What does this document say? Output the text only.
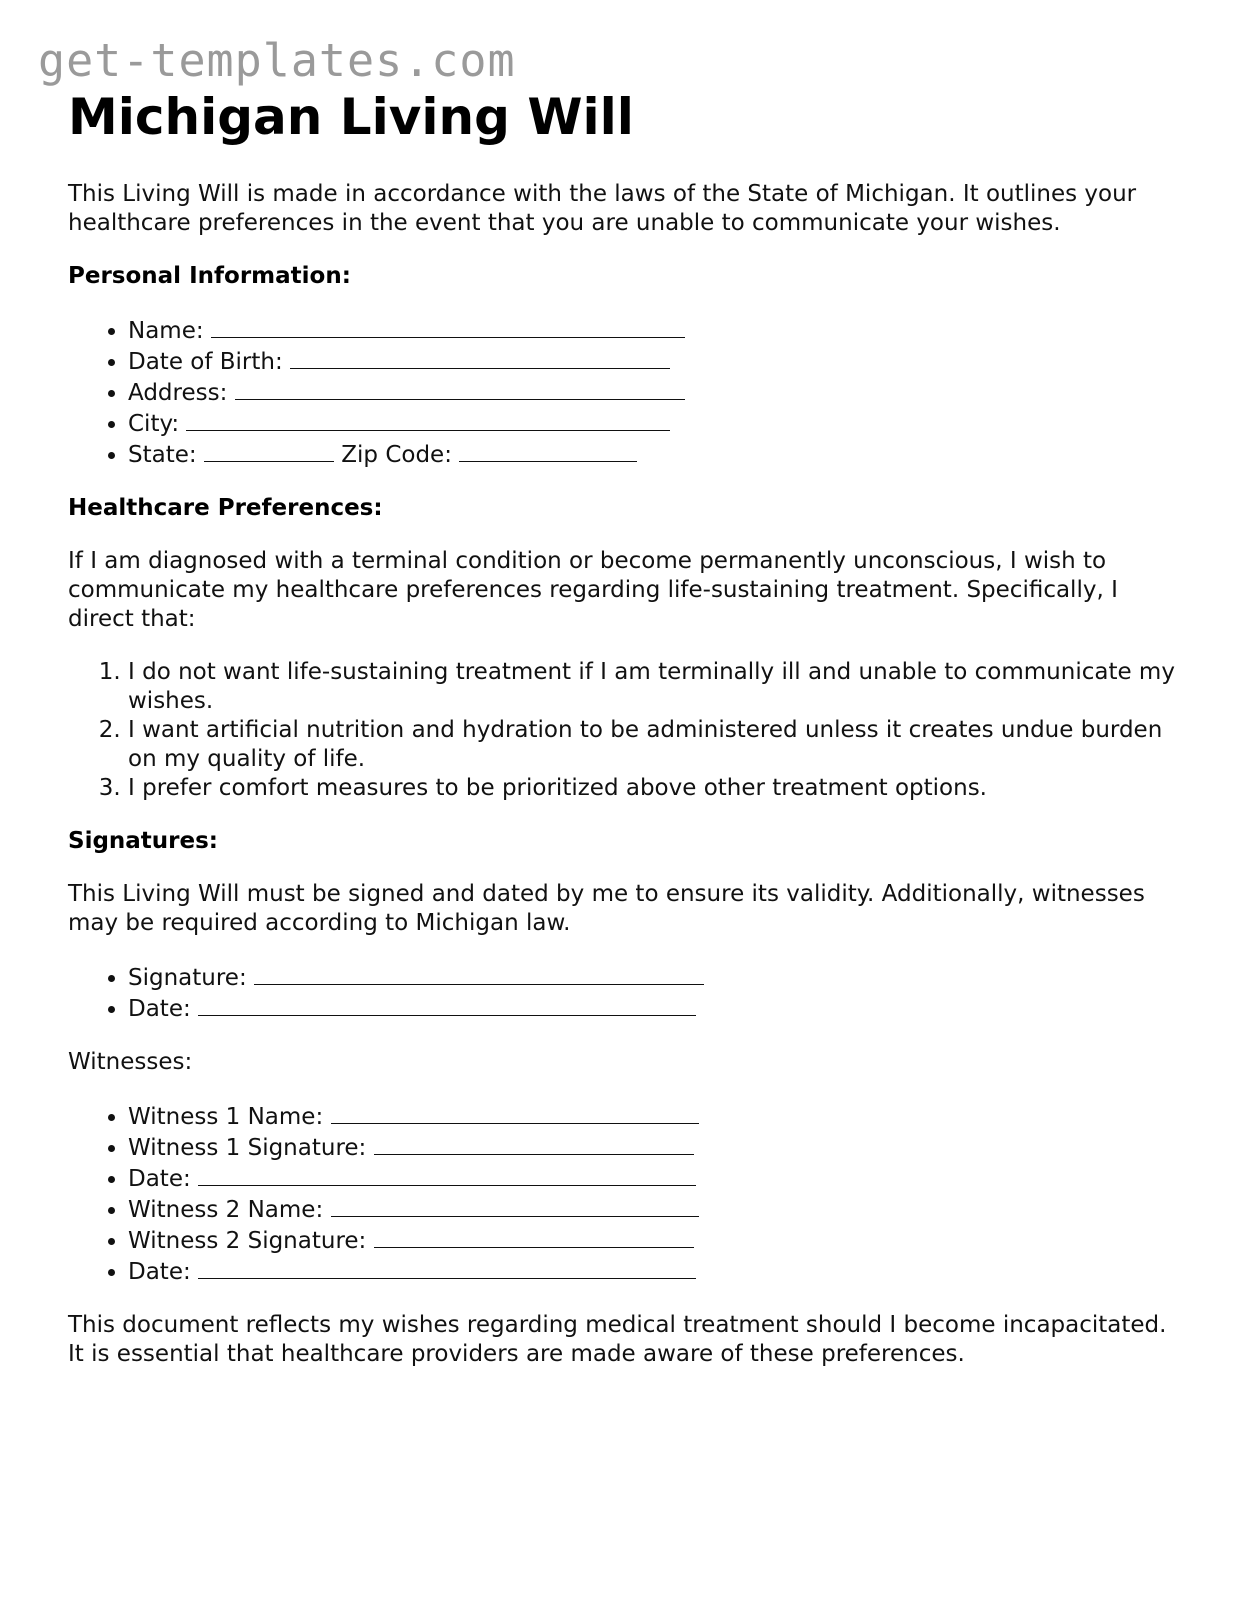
get-templates.com
Michigan Living Will

This Living Will is made in accordance with the laws of the State of Michigan. It outlines your healthcare preferences in the event that you are unable to communicate your wishes.

Personal Information:
• Name:
• Date of Birth:
• Address:
• City:
• State:	Zip Code:
Healthcare Preferences:

If I am diagnosed with a terminal condition or become permanently unconscious, I wish to communicate my healthcare preferences regarding life-sustaining treatment. Specifically, I direct that:

1. I do not want life-sustaining treatment if I am terminally ill and unable to communicate my wishes.
2. I want artificial nutrition and hydration to be administered unless it creates undue burden on my quality of life.
3. I prefer comfort measures to be prioritized above other treatment options.
Signatures:

This Living Will must be signed and dated by me to ensure its validity. Additionally, witnesses may be required according to Michigan law.

• Signature:
• Date:

Witnesses:

• Witness 1 Name:
• Witness 1 Signature:
• Date:
• Witness 2 Name:
• Witness 2 Signature:
• Date:

This document reflects my wishes regarding medical treatment should I become incapacitated. It is essential that healthcare providers are made aware of these preferences.
